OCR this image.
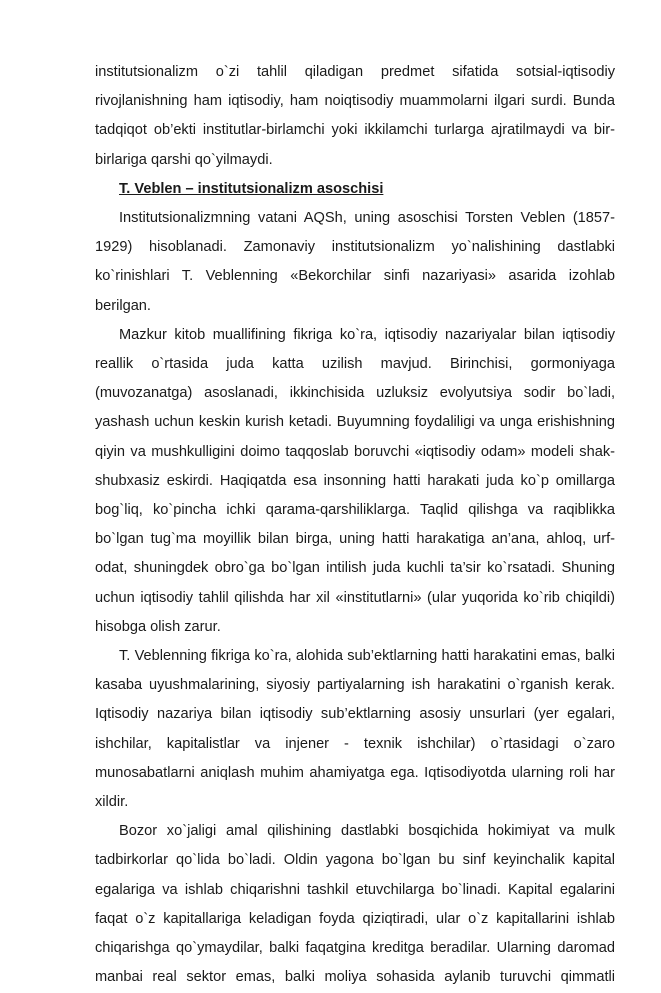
institutsionalizm o`zi tahlil qiladigan predmet sifatida sotsial-iqtisodiy rivojlanishning ham iqtisodiy, ham noiqtisodiy muammolarni ilgari surdi. Bunda tadqiqot ob’ekti institutlar-birlamchi yoki ikkilamchi turlarga ajratilmaydi va bir-birlariga qarshi qo`yilmaydi.

T. Veblen – institutsionalizm asoschisi

Institutsionalizmning vatani AQSh, uning asoschisi Torsten Veblen (1857-1929) hisoblanadi. Zamonaviy institutsionalizm yo`nalishining dastlabki ko`rinishlari T. Veblenning «Bekorchilar sinfi nazariyasi» asarida izohlab berilgan.

Mazkur kitob muallifining fikriga ko`ra, iqtisodiy nazariyalar bilan iqtisodiy reallik o`rtasida juda katta uzilish mavjud. Birinchisi, gormoniyaga (muvozanatga) asoslanadi, ikkinchisida uzluksiz evolyutsiya sodir bo`ladi, yashash uchun keskin kurish ketadi. Buyumning foydaliligi va unga erishishning qiyin va mushkulligini doimo taqqoslab boruvchi «iqtisodiy odam» modeli shak-shubxasiz eskirdi. Haqiqatda esa insonning hatti harakati juda ko`p omillarga bog`liq, ko`pincha ichki qarama-qarshiliklarga. Taqlid qilishga va raqiblikka bo`lgan tug`ma moyillik bilan birga, uning hatti harakatiga an’ana, ahloq, urf-odat, shuningdek obro`ga bo`lgan intilish juda kuchli ta’sir ko`rsatadi. Shuning uchun iqtisodiy tahlil qilishda har xil «institutlarni» (ular yuqorida ko`rib chiqildi) hisobga olish zarur.

T. Veblenning fikriga ko`ra, alohida sub’ektlarning hatti harakatini emas, balki kasaba uyushmalarining, siyosiy partiyalarning ish harakatini o`rganish kerak. Iqtisodiy nazariya bilan iqtisodiy sub’ektlarning asosiy unsurlari (yer egalari, ishchilar, kapitalistlar va injener - texnik ishchilar) o`rtasidagi o`zaro munosabatlarni aniqlash muhim ahamiyatga ega. Iqtisodiyotda ularning roli har xildir.

Bozor xo`jaligi amal qilishining dastlabki bosqichida hokimiyat va mulk tadbirkorlar qo`lida bo`ladi. Oldin yagona bo`lgan bu sinf keyinchalik kapital egalariga va ishlab chiqarishni tashkil etuvchilarga bo`linadi. Kapital egalarini faqat o`z kapitallariga keladigan foyda qiziqtiradi, ular o`z kapitallarini ishlab chiqarishga qo`ymaydilar, balki faqatgina kreditga beradilar. Ularning daromad manbai real sektor emas, balki moliya sohasida aylanib turuvchi qimmatli
